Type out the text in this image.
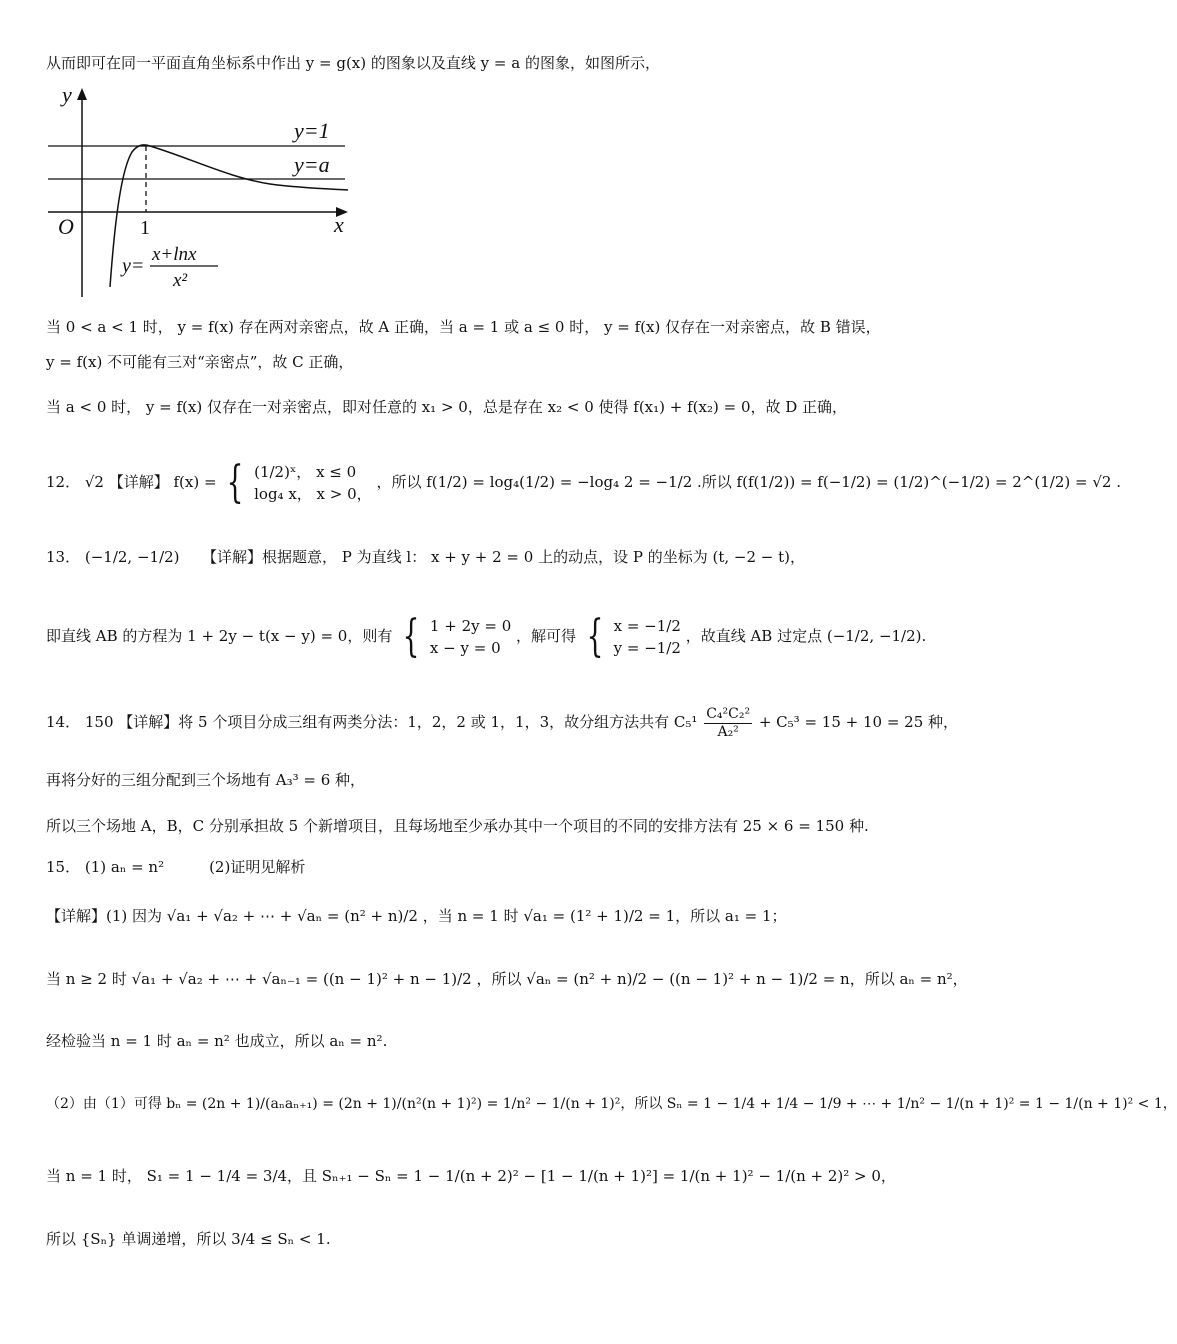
从而即可在同一平面直角坐标系中作出 y = g(x) 的图象以及直线 y = a 的图象，如图所示，
y
x
O	1
y=1
y=a
y=
x+lnx
x²
当 0 < a < 1 时， y = f(x) 存在两对亲密点，故 A 正确，当 a = 1 或 a ≤ 0 时， y = f(x) 仅存在一对亲密点，故 B 错误，
y = f(x) 不可能有三对“亲密点”，故 C 正确，
当 a < 0 时， y = f(x) 仅存在一对亲密点，即对任意的 x₁ > 0，总是存在 x₂ < 0 使得 f(x₁) + f(x₂) = 0，故 D 正确，
12． √2 【详解】 f(x) = { (1/2)ˣ， x ≤ 0
log₄ x， x > 0，
，所以 f(1/2) = log₄(1/2) = −log₄ 2 = −1/2 .所以 f(f(1/2)) = f(−1/2) = (1/2)^(−1/2) = 2^(1/2) = √2 .
13． (−1/2, −1/2)　　【详解】根据题意， P 为直线 l： x + y + 2 = 0 上的动点，设 P 的坐标为 (t, −2 − t)，
即直线 AB 的方程为 1 + 2y − t(x − y) = 0，则有 { 1 + 2y = 0
x − y = 0
，解可得 { x = −1/2
y = −1/2
，故直线 AB 过定点 (−1/2, −1/2).
14． 150 【详解】将 5 个项目分成三组有两类分法：1，2，2 或 1，1，3，故分组方法共有 $C_5^1 \frac{\text{C₄²C₂²}}{\text{A₂²}} + C_5^3 = 15 + 10 = 25$ 种，
再将分好的三组分配到三个场地有 A₃³ = 6 种，
所以三个场地 A，B，C 分别承担故 5 个新增项目，且每场地至少承办其中一个项目的不同的安排方法有 25 × 6 = 150 种.
15． (1) aₙ = n²　　　(2)证明见解析
【详解】(1) 因为 √a₁ + √a₂ + ⋯ + √aₙ = (n² + n)/2 ，当 n = 1 时 √a₁ = (1² + 1)/2 = 1，所以 a₁ = 1；
当 n ≥ 2 时 √a₁ + √a₂ + ⋯ + √aₙ₋₁ = ((n − 1)² + n − 1)/2 ，所以 √aₙ = (n² + n)/2 − ((n − 1)² + n − 1)/2 = n，所以 aₙ = n²，
经检验当 n = 1 时 aₙ = n² 也成立，所以 aₙ = n².
（2）由（1）可得 bₙ = (2n + 1)/(aₙaₙ₊₁) = (2n + 1)/(n²(n + 1)²) = 1/n² − 1/(n + 1)²，所以 Sₙ = 1 − 1/4 + 1/4 − 1/9 + ⋯ + 1/n² − 1/(n + 1)² = 1 − 1/(n + 1)² < 1，
当 n = 1 时， S₁ = 1 − 1/4 = 3/4，且 Sₙ₊₁ − Sₙ = 1 − 1/(n + 2)² − [1 − 1/(n + 1)²] = 1/(n + 1)² − 1/(n + 2)² > 0，
所以 {Sₙ} 单调递增，所以 3/4 ≤ Sₙ < 1.
